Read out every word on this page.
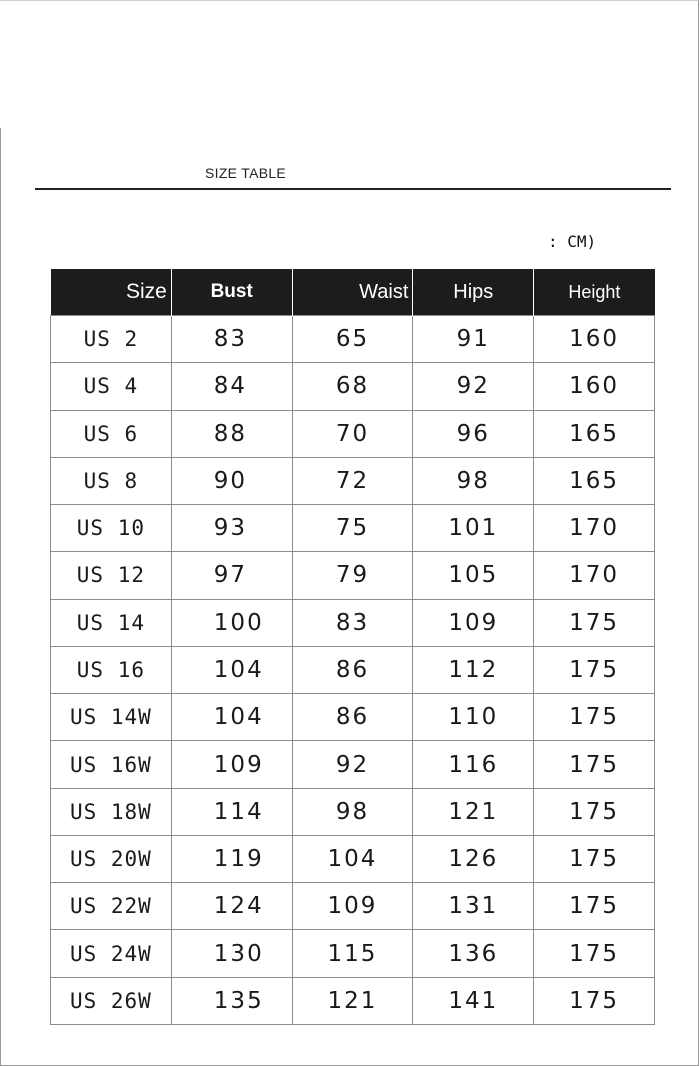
SIZE TABLE
: CM)
Size	Bust	Waist	Hips	Height
US 2	83	65	91	160
US 4	84	68	92	160
US 6	88	70	96	165
US 8	90	72	98	165
US 10	93	75	101	170
US 12	97	79	105	170
US 14	100	83	109	175
US 16	104	86	112	175
US 14W	104	86	110	175
US 16W	109	92	116	175
US 18W	114	98	121	175
US 20W	119	104	126	175
US 22W	124	109	131	175
US 24W	130	115	136	175
US 26W	135	121	141	175
